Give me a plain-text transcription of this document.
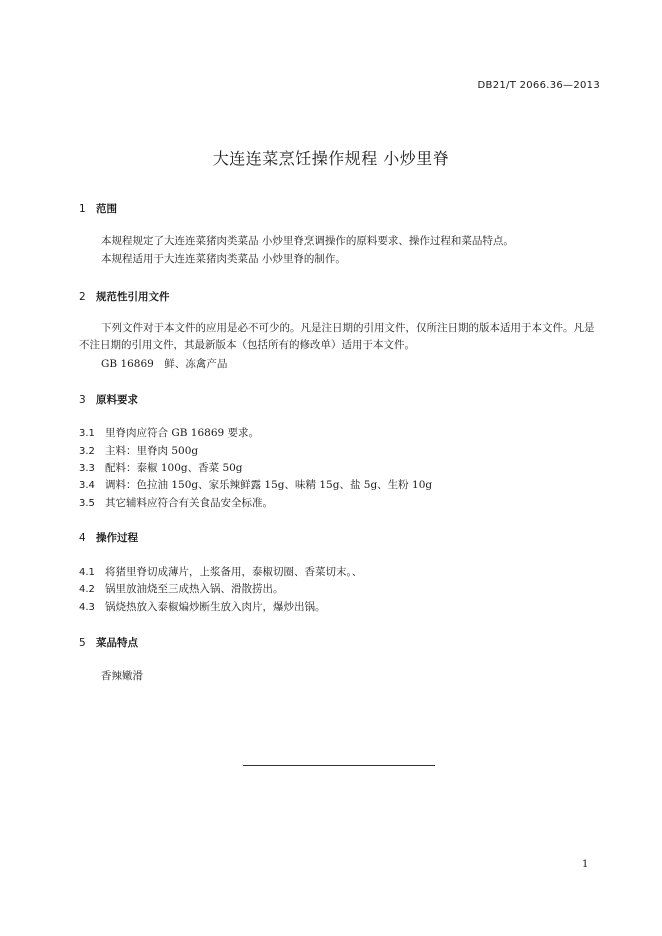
DB21/T 2066.36—2013
大连连菜烹饪操作规程 小炒里脊
1 范围
本规程规定了大连连菜猪肉类菜品 小炒里脊烹调操作的原料要求、操作过程和菜品特点。
本规程适用于大连连菜猪肉类菜品 小炒里脊的制作。
2 规范性引用文件
下列文件对于本文件的应用是必不可少的。凡是注日期的引用文件，仅所注日期的版本适用于本文件。凡是不注日期的引用文件，其最新版本（包括所有的修改单）适用于本文件。
GB 16869　鲜、冻禽产品
3 原料要求
3.1 里脊肉应符合 GB 16869 要求。
3.2 主料：里脊肉 500g
3.3 配料：泰椒 100g、香菜 50g
3.4 调料：色拉油 150g、家乐辣鲜露 15g、味精 15g、盐 5g、生粉 10g
3.5 其它辅料应符合有关食品安全标准。
4 操作过程
4.1 将猪里脊切成薄片，上浆备用，泰椒切圈、香菜切末。、
4.2 锅里放油烧至三成热入锅、滑散捞出。
4.3 锅烧热放入泰椒煸炒断生放入肉片，爆炒出锅。
5 菜品特点
香辣嫩滑
1
